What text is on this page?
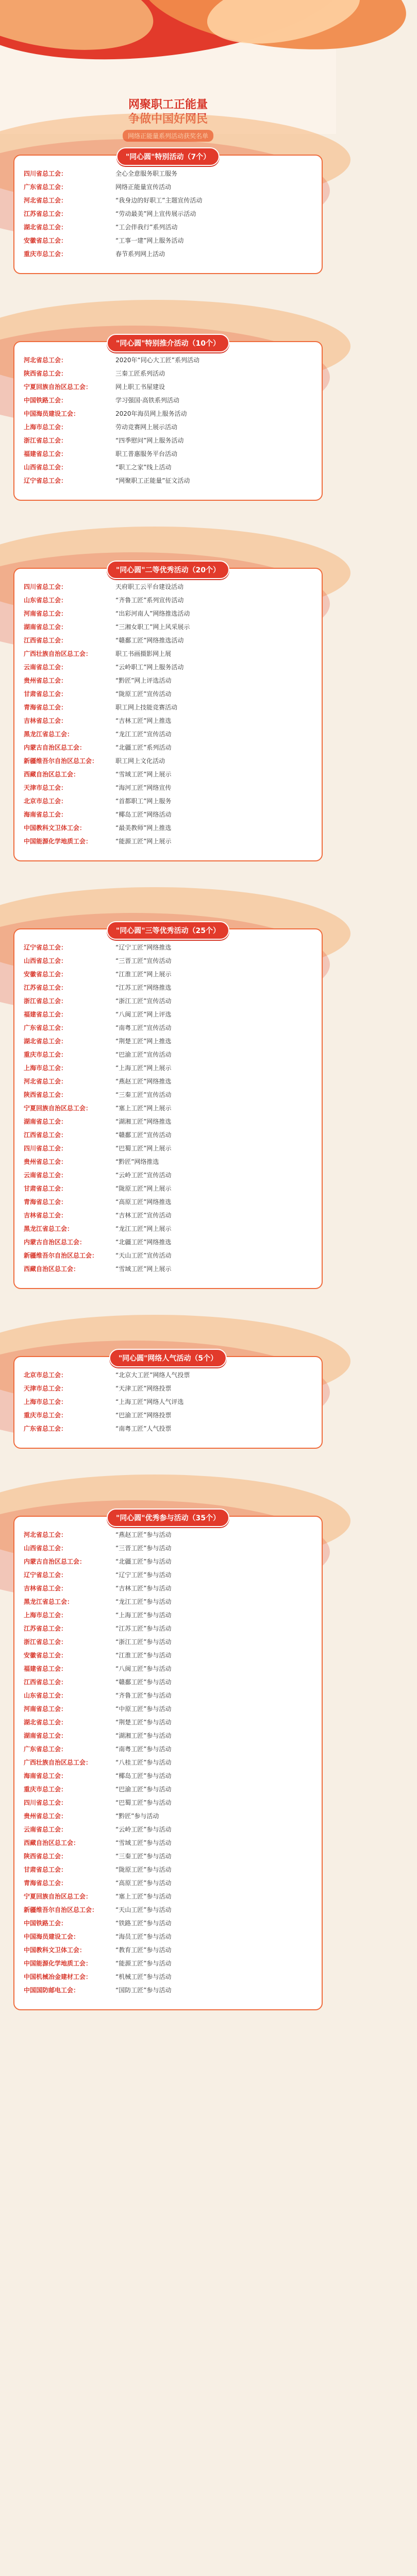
网聚职工正能量
"同心圆"特别活动（7个）
四川省总工会：	全心全意服务职工服务
广东省总工会：	网络正能量宣传活动
河北省总工会：	“我身边的好职工”主题宣传活动
江苏省总工会：	“劳动最美”网上宣传展示活动
湖北省总工会：	“工会伴我行”系列活动
安徽省总工会：	“工事一建”网上服务活动
重庆市总工会：	春节系列网上活动
"同心圆"特别推介活动（10个）
河北省总工会：	2020年“同心大工匠”系列活动
陕西省总工会：	三秦工匠系列活动
宁夏回族自治区总工会：	网上职工书屋建设
中国铁路工会：	学习强国·高铁系列活动
中国海员建设工会：	2020年海员网上服务活动
上海市总工会：	劳动竞赛网上展示活动
浙江省总工会：	“四季慰问”网上服务活动
福建省总工会：	职工普惠服务平台活动
山西省总工会：	“职工之家”线上活动
辽宁省总工会：	“网聚职工正能量”征文活动
"同心圆"二等优秀活动（20个）
四川省总工会：	天府职工云平台建设活动
山东省总工会：	“齐鲁工匠”系列宣传活动
河南省总工会：	“出彩河南人”网络推选活动
湖南省总工会：	“三湘女职工”网上风采展示
江西省总工会：	“赣鄱工匠”网络推选活动
广西壮族自治区总工会：	职工书画摄影网上展
云南省总工会：	“云岭职工”网上服务活动
贵州省总工会：	“黔匠”网上评选活动
甘肃省总工会：	“陇原工匠”宣传活动
青海省总工会：	职工网上技能竞赛活动
吉林省总工会：	“吉林工匠”网上推选
黑龙江省总工会：	“龙江工匠”宣传活动
内蒙古自治区总工会：	“北疆工匠”系列活动
新疆维吾尔自治区总工会：	职工网上文化活动
西藏自治区总工会：	“雪域工匠”网上展示
天津市总工会：	“海河工匠”网络宣传
北京市总工会：	“首都职工”网上服务
海南省总工会：	“椰岛工匠”网络活动
中国教科文卫体工会：	“最美教师”网上推选
中国能源化学地质工会：	“能源工匠”网上展示
"同心圆"三等优秀活动（25个）
辽宁省总工会：	“辽宁工匠”网络推选
山西省总工会：	“三晋工匠”宣传活动
安徽省总工会：	“江淮工匠”网上展示
江苏省总工会：	“江苏工匠”网络推选
浙江省总工会：	“浙江工匠”宣传活动
福建省总工会：	“八闽工匠”网上评选
广东省总工会：	“南粤工匠”宣传活动
湖北省总工会：	“荆楚工匠”网上推选
重庆市总工会：	“巴渝工匠”宣传活动
上海市总工会：	“上海工匠”网上展示
河北省总工会：	“燕赵工匠”网络推选
陕西省总工会：	“三秦工匠”宣传活动
宁夏回族自治区总工会：	“塞上工匠”网上展示
湖南省总工会：	“湖湘工匠”网络推选
江西省总工会：	“赣鄱工匠”宣传活动
四川省总工会：	“巴蜀工匠”网上展示
贵州省总工会：	“黔匠”网络推选
云南省总工会：	“云岭工匠”宣传活动
甘肃省总工会：	“陇原工匠”网上展示
青海省总工会：	“高原工匠”网络推选
吉林省总工会：	“吉林工匠”宣传活动
黑龙江省总工会：	“龙江工匠”网上展示
内蒙古自治区总工会：	“北疆工匠”网络推选
新疆维吾尔自治区总工会：	“天山工匠”宣传活动
西藏自治区总工会：	“雪域工匠”网上展示
"同心圆"网络人气活动（5个）
北京市总工会：	“北京大工匠”网络人气投票
天津市总工会：	“天津工匠”网络投票
上海市总工会：	“上海工匠”网络人气评选
重庆市总工会：	“巴渝工匠”网络投票
广东省总工会：	“南粤工匠”人气投票
"同心圆"优秀参与活动（35个）
河北省总工会：	“燕赵工匠”参与活动
山西省总工会：	“三晋工匠”参与活动
内蒙古自治区总工会：	“北疆工匠”参与活动
辽宁省总工会：	“辽宁工匠”参与活动
吉林省总工会：	“吉林工匠”参与活动
黑龙江省总工会：	“龙江工匠”参与活动
上海市总工会：	“上海工匠”参与活动
江苏省总工会：	“江苏工匠”参与活动
浙江省总工会：	“浙江工匠”参与活动
安徽省总工会：	“江淮工匠”参与活动
福建省总工会：	“八闽工匠”参与活动
江西省总工会：	“赣鄱工匠”参与活动
山东省总工会：	“齐鲁工匠”参与活动
河南省总工会：	“中原工匠”参与活动
湖北省总工会：	“荆楚工匠”参与活动
湖南省总工会：	“湖湘工匠”参与活动
广东省总工会：	“南粤工匠”参与活动
广西壮族自治区总工会：	“八桂工匠”参与活动
海南省总工会：	“椰岛工匠”参与活动
重庆市总工会：	“巴渝工匠”参与活动
四川省总工会：	“巴蜀工匠”参与活动
贵州省总工会：	“黔匠”参与活动
云南省总工会：	“云岭工匠”参与活动
西藏自治区总工会：	“雪域工匠”参与活动
陕西省总工会：	“三秦工匠”参与活动
甘肃省总工会：	“陇原工匠”参与活动
青海省总工会：	“高原工匠”参与活动
宁夏回族自治区总工会：	“塞上工匠”参与活动
新疆维吾尔自治区总工会：	“天山工匠”参与活动
中国铁路工会：	“铁路工匠”参与活动
中国海员建设工会：	“海员工匠”参与活动
中国教科文卫体工会：	“教育工匠”参与活动
中国能源化学地质工会：	“能源工匠”参与活动
中国机械冶金建材工会：	“机械工匠”参与活动
中国国防邮电工会：	“国防工匠”参与活动
